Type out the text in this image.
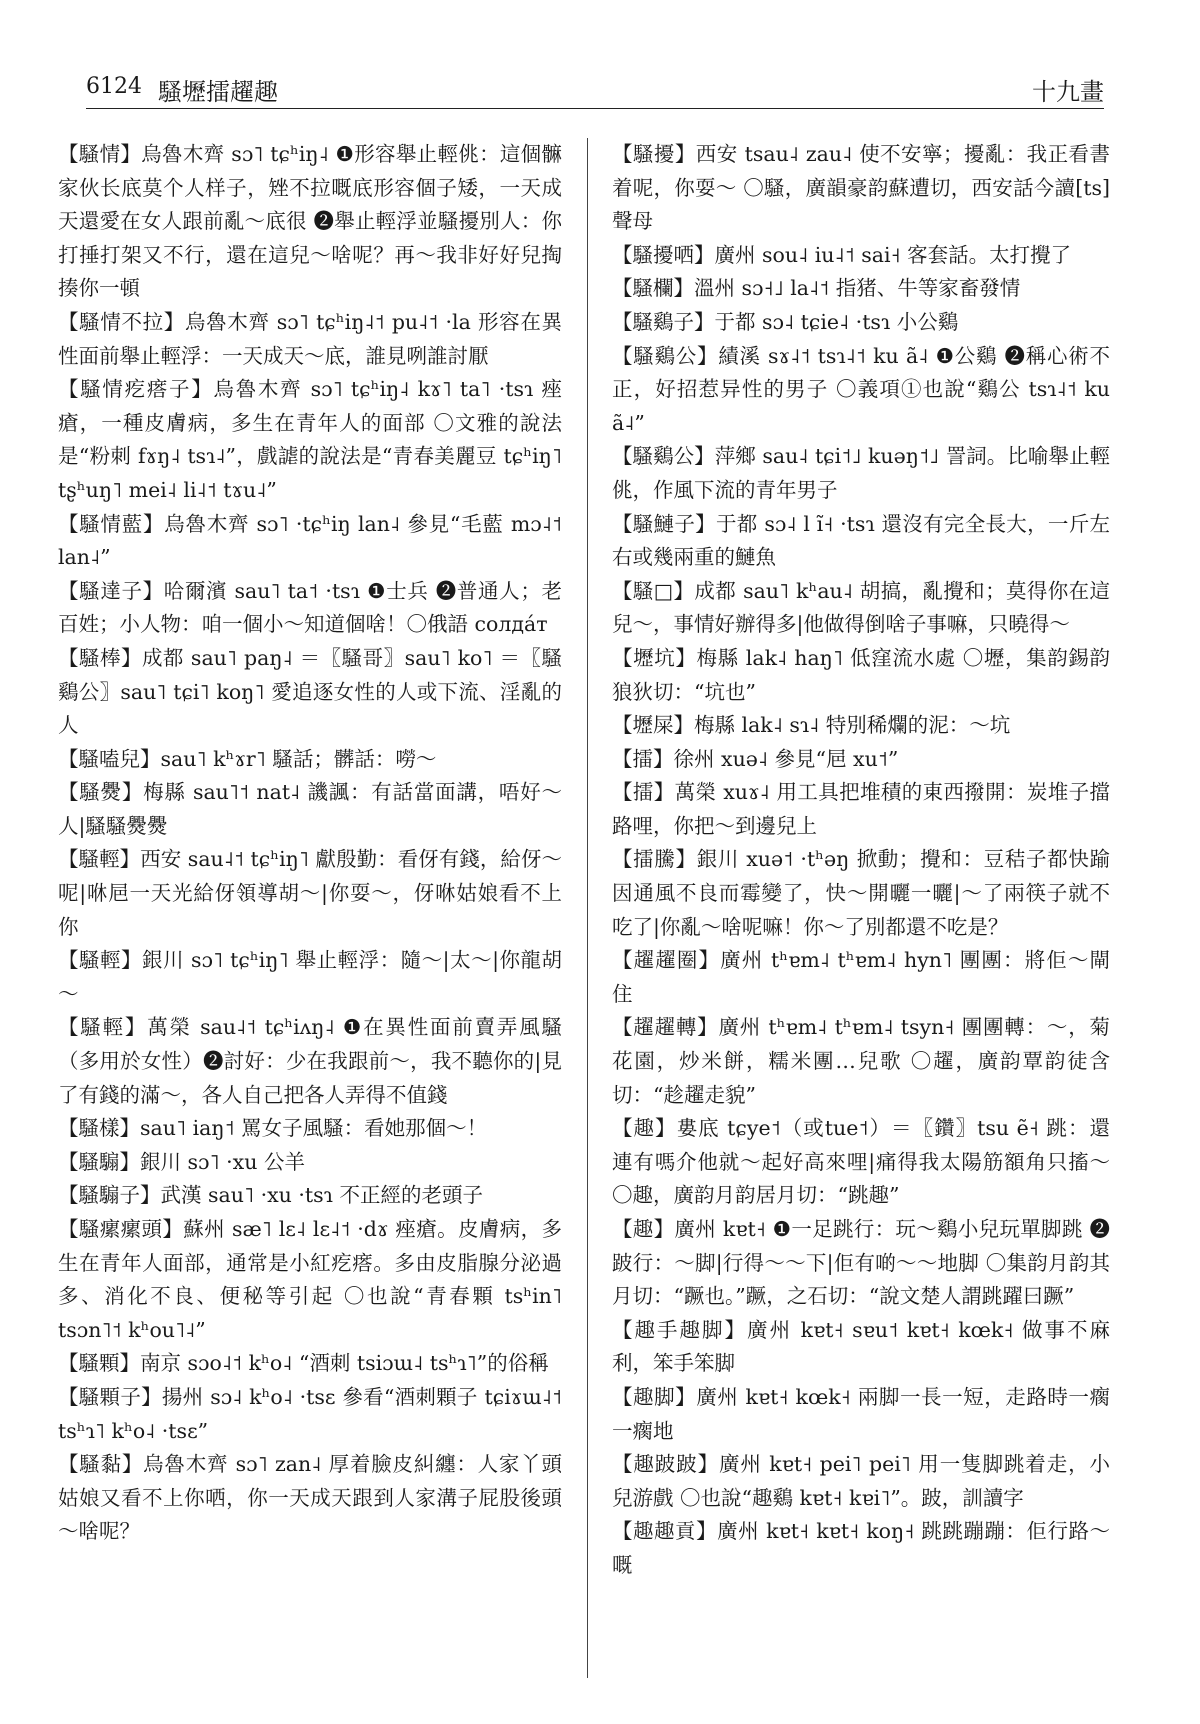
6124 騷壢擂趯趣	十九畫

【騷情】烏魯木齊 sɔ˥ tɕʰiŋ˨ ❶形容舉止輕佻：這個髍家伙长底莫个人样子，矬不拉嘅底形容個子矮，一天成天還愛在女人跟前亂～底很 ❷舉止輕浮並騷擾別人：你打捶打架又不行，還在這兒～啥呢？再～我非好好兒掏揍你一頓

【騷情不拉】烏魯木齊 sɔ˥ tɕʰiŋ˨˦ pu˨˦ ·la 形容在異性面前舉止輕浮：一天成天～底，誰見咧誰討厭

【騷情疙瘩子】烏魯木齊 sɔ˥ tɕʰiŋ˨ kɤ˥ ta˥ ·tsɿ 痤瘡，一種皮膚病，多生在青年人的面部 〇文雅的說法是“粉刺 fɤŋ˨ tsɿ˨”，戲謔的說法是“青春美麗豆 tɕʰiŋ˥ tʂʰuŋ˥ mei˨ li˨˦ tɤu˨”

【騷情藍】烏魯木齊 sɔ˥ ·tɕʰiŋ lan˨ 參見“毛藍 mɔ˨˦ lan˨”

【騷達子】哈爾濱 sau˥ ta˦ ·tsɿ ❶士兵 ❷普通人；老百姓；小人物：咱一個小～知道個啥！〇俄語 солдáт

【騷棒】成都 sau˥ paŋ˨ ＝〖騷哥〗sau˥ ko˥ ＝〖騷鷄公〗sau˥ tɕi˥ koŋ˥ 愛追逐女性的人或下流、淫亂的人

【騷嗑兒】sau˥ kʰɤr˥ 騷話；髒話：嘮～

【騷㸑】梅縣 sau˥˦ nat˨ 譏諷：有話當面講，唔好～人|騷騷㸑㸑

【騷輕】西安 sau˨˦ tɕʰiŋ˥ 獻殷勤：看伢有錢，給伢～呢|咻㞎一天光給伢領導胡～|你耍～，伢咻姑娘看不上你

【騷輕】銀川 sɔ˥ tɕʰiŋ˥ 舉止輕浮：隨～|太～|你龍胡～

【騷輕】萬榮 sau˨˦ tɕʰiʌŋ˨ ❶在異性面前賣弄風騷（多用於女性）❷討好：少在我跟前～，我不聽你的|見了有錢的滿～，各人自己把各人弄得不值錢

【騷樣】sau˥ iaŋ˦ 罵女子風騷：看她那個～！

【騷騸】銀川 sɔ˥ ·xu 公羊

【騷騸子】武漢 sau˥ ·xu ·tsɿ 不正經的老頭子

【騷瘰瘰頭】蘇州 sæ˥ lɛ˨ lɛ˨˦ ·dɤ 痤瘡。皮膚病，多生在青年人面部，通常是小紅疙瘩。多由皮脂腺分泌過多、消化不良、便秘等引起 〇也說“青春顆 tsʰin˥ tsɔn˥˦ kʰou˥˨”

【騷顆】南京 sɔo˨˦ kʰo˨ “酒刺 tsiɔɯ˨ tsʰɿ˥”的俗稱

【騷顆子】揚州 sɔ˨ kʰo˨ ·tsɛ 參看“酒刺顆子 tɕiɤɯ˨˦ tsʰɿ˥ kʰo˨ ·tsɛ”

【騷黏】烏魯木齊 sɔ˥ zan˨ 厚着臉皮糾纏：人家丫頭姑娘又看不上你哂，你一天成天跟到人家溝子屁股後頭～啥呢？

【騷擾】西安 tsau˨ zau˨ 使不安寧；擾亂：我正看書着呢，你耍～ 〇騷，廣韻豪韵蘇遭切，西安話今讀[ts]聲母

【騷擾哂】廣州 sou˨ iu˨˦ sai˧ 客套話。太打攪了

【騷欄】溫州 sɔ˧˩ la˨˦ 指猪、牛等家畜發情

【騷鷄子】于都 sɔ˨ tɕie˨ ·tsɿ 小公鷄

【騷鷄公】績溪 sɤ˨˦ tsɿ˨˦ ku ã˨ ❶公鷄 ❷稱心術不正，好招惹异性的男子 〇義項①也說“鷄公 tsɿ˨˦ ku ã˨”

【騷鷄公】萍鄉 sau˨ tɕi˦˩ kuəŋ˦˩ 詈詞。比喻舉止輕佻，作風下流的青年男子

【騷鰱子】于都 sɔ˨ l ĩ˧ ·tsɿ 還沒有完全長大，一斤左右或幾兩重的鰱魚

【騷□】成都 sau˥ kʰau˨ 胡搞，亂攪和；莫得你在這兒～，事情好辦得多|他做得倒啥子事嘛，只曉得～

【壢坑】梅縣 lak˨ haŋ˥ 低窪流水處 〇壢，集韵錫韵狼狄切：“坑也”

【壢屎】梅縣 lak˨ sɿ˨ 特別稀爛的泥：～坑

【擂】徐州 xuə˨ 參見“㞎 xu˦”

【擂】萬榮 xuɤ˨ 用工具把堆積的東西撥開：炭堆子擋路哩，你把～到邊兒上

【擂騰】銀川 xuə˦ ·tʰəŋ 掀動；攪和：豆秸子都快踰因通風不良而霉變了，快～開曬一曬|～了兩筷子就不吃了|你亂～啥呢嘛！你～了別都還不吃是？

【趯趯圈】廣州 tʰɐm˨ tʰɐm˨ hyn˥ 團團：將佢～閘住

【趯趯轉】廣州 tʰɐm˨ tʰɐm˨ tsyn˧ 團團轉：～，菊花園，炒米餅，糯米團…兒歌 〇趯，廣韵覃韵徒含切：“趁趯走貌”

【趣】婁底 tɕye˦（或tue˦）＝〖鑽〗tsu ẽ˧ 跳：還連有嗎介他就～起好高來哩|痛得我太陽筋額角只搐～ 〇趣，廣韵月韵居月切：“跳趣”

【趣】廣州 kɐt˧ ❶一足跳行：玩～鷄小兒玩單脚跳 ❷跛行：～脚|行得～～下|佢有啲～～地脚 〇集韵月韵其月切：“蹶也。”蹶，之石切：“說文楚人謂跳躍曰蹶”

【趣手趣脚】廣州 kɐt˧ sɐu˦ kɐt˧ kœk˧ 做事不麻利，笨手笨脚

【趣脚】廣州 kɐt˧ kœk˧ 兩脚一長一短，走路時一瘸一瘸地

【趣跛跛】廣州 kɐt˧ pei˥ pei˥ 用一隻脚跳着走，小兒游戲 〇也說“趣鷄 kɐt˧ kɐi˥”。跛，訓讀字

【趣趣貢】廣州 kɐt˧ kɐt˧ koŋ˧ 跳跳蹦蹦：佢行路～嘅
